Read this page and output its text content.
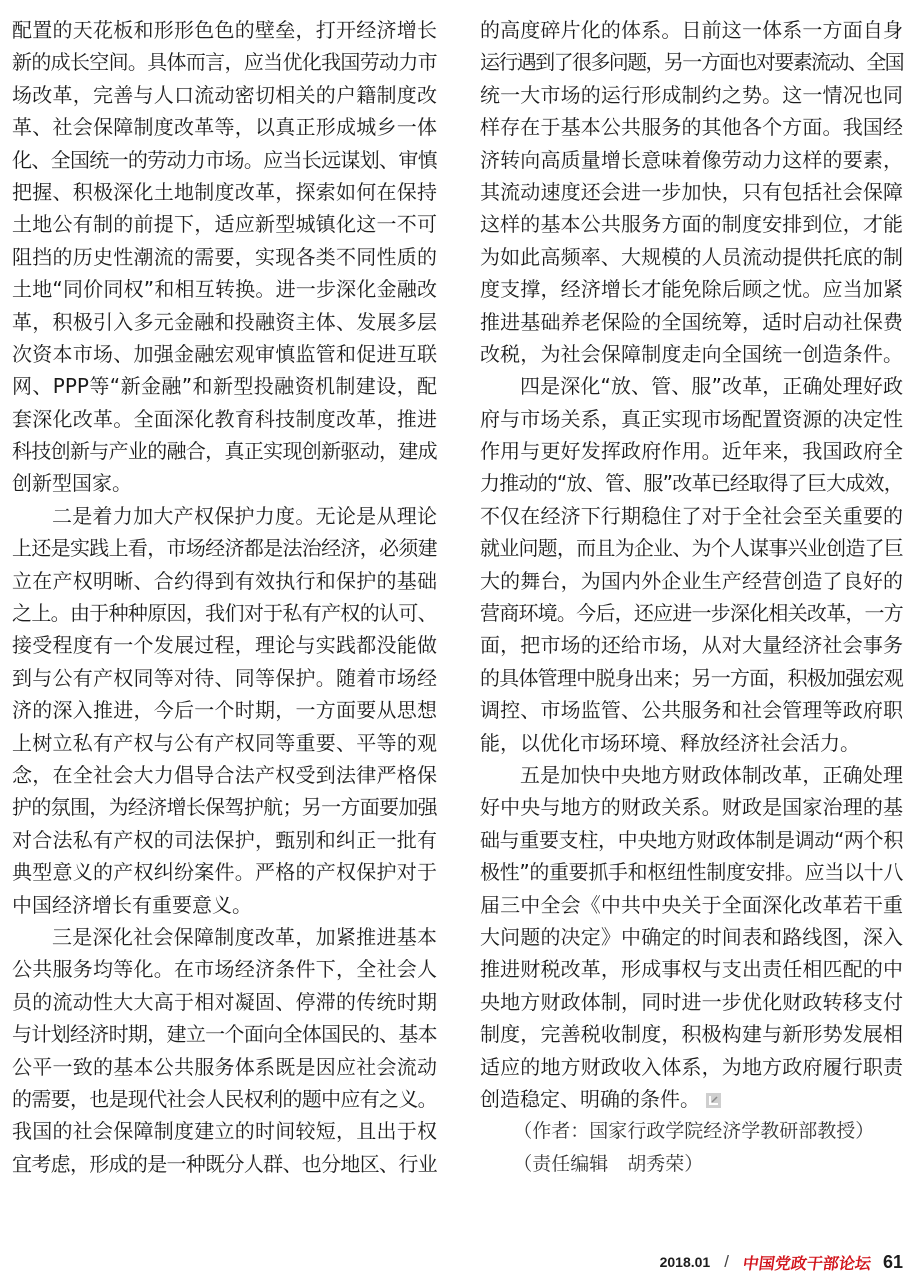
配置的天花板和形形色色的壁垒，打开经济增长
新的成长空间。具体而言，应当优化我国劳动力市
场改革，完善与人口流动密切相关的户籍制度改
革、社会保障制度改革等，以真正形成城乡一体
化、全国统一的劳动力市场。应当长远谋划、审慎
把握、积极深化土地制度改革，探索如何在保持
土地公有制的前提下，适应新型城镇化这一不可
阻挡的历史性潮流的需要，实现各类不同性质的
土地“同价同权”和相互转换。进一步深化金融改
革，积极引入多元金融和投融资主体、发展多层
次资本市场、加强金融宏观审慎监管和促进互联
网、PPP等“新金融”和新型投融资机制建设，配
套深化改革。全面深化教育科技制度改革，推进
科技创新与产业的融合，真正实现创新驱动，建成
创新型国家。
二是着力加大产权保护力度。无论是从理论
上还是实践上看，市场经济都是法治经济，必须建
立在产权明晰、合约得到有效执行和保护的基础
之上。由于种种原因，我们对于私有产权的认可、
接受程度有一个发展过程，理论与实践都没能做
到与公有产权同等对待、同等保护。随着市场经
济的深入推进，今后一个时期，一方面要从思想
上树立私有产权与公有产权同等重要、平等的观
念，在全社会大力倡导合法产权受到法律严格保
护的氛围，为经济增长保驾护航；另一方面要加强
对合法私有产权的司法保护，甄别和纠正一批有
典型意义的产权纠纷案件。严格的产权保护对于
中国经济增长有重要意义。
三是深化社会保障制度改革，加紧推进基本
公共服务均等化。在市场经济条件下，全社会人
员的流动性大大高于相对凝固、停滞的传统时期
与计划经济时期，建立一个面向全体国民的、基本
公平一致的基本公共服务体系既是因应社会流动
的需要，也是现代社会人民权利的题中应有之义。
我国的社会保障制度建立的时间较短，且出于权
宜考虑，形成的是一种既分人群、也分地区、行业
的高度碎片化的体系。日前这一体系一方面自身
运行遇到了很多问题，另一方面也对要素流动、全国
统一大市场的运行形成制约之势。这一情况也同
样存在于基本公共服务的其他各个方面。我国经
济转向高质量增长意味着像劳动力这样的要素，
其流动速度还会进一步加快，只有包括社会保障
这样的基本公共服务方面的制度安排到位，才能
为如此高频率、大规模的人员流动提供托底的制
度支撑，经济增长才能免除后顾之忧。应当加紧
推进基础养老保险的全国统筹，适时启动社保费
改税，为社会保障制度走向全国统一创造条件。
四是深化“放、管、服”改革，正确处理好政
府与市场关系，真正实现市场配置资源的决定性
作用与更好发挥政府作用。近年来，我国政府全
力推动的“放、管、服”改革已经取得了巨大成效，
不仅在经济下行期稳住了对于全社会至关重要的
就业问题，而且为企业、为个人谋事兴业创造了巨
大的舞台，为国内外企业生产经营创造了良好的
营商环境。今后，还应进一步深化相关改革，一方
面，把市场的还给市场，从对大量经济社会事务
的具体管理中脱身出来；另一方面，积极加强宏观
调控、市场监管、公共服务和社会管理等政府职
能，以优化市场环境、释放经济社会活力。
五是加快中央地方财政体制改革，正确处理
好中央与地方的财政关系。财政是国家治理的基
础与重要支柱，中央地方财政体制是调动“两个积
极性”的重要抓手和枢纽性制度安排。应当以十八
届三中全会《中共中央关于全面深化改革若干重
大问题的决定》中确定的时间表和路线图，深入
推进财税改革，形成事权与支出责任相匹配的中
央地方财政体制，同时进一步优化财政转移支付
制度，完善税收制度，积极构建与新形势发展相
适应的地方财政收入体系，为地方政府履行职责
创造稳定、明确的条件。
（作者：国家行政学院经济学教研部教授）
（责任编辑　胡秀荣）
2018.01 / 中国党政干部论坛 61
